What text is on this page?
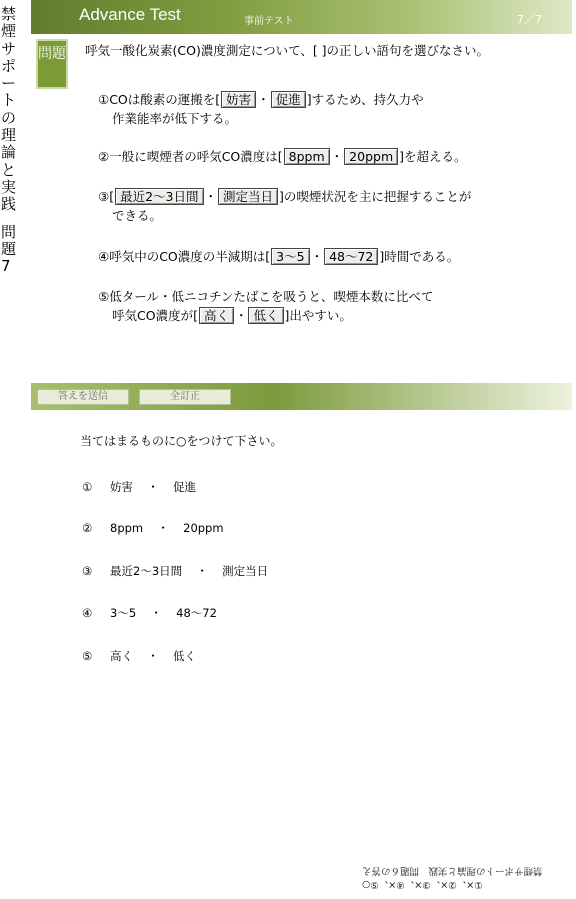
禁煙サポートの理論と実践
問題7
Advance Test	事前テスト	7／7
問題 呼気一酸化炭素(CO)濃度測定について、[ ]の正しい語句を選びなさい。
①COは酸素の運搬を[ 妨害 ・ 促進 ]するため、持久力や
作業能率が低下する。
②一般に喫煙者の呼気CO濃度は[ 8ppm ・ 20ppm ]を超える。
③[ 最近2～3日間 ・ 測定当日 ]の喫煙状況を主に把握することが
できる。
④呼気中のCO濃度の半減期は[ 3～5 ・ 48～72 ]時間である。
⑤低タール・低ニコチンたばこを吸うと、喫煙本数に比べて
呼気CO濃度が[ 高く ・ 低く ]出やすい。
答えを送信	全訂正
当てはまるものに○をつけて下さい。
① 妨害 ・ 促進
② 8ppm ・ 20ppm
③ 最近2～3日間 ・ 測定当日
④ 3～5 ・ 48～72
⑤ 高く ・ 低く
①×、②×、③×、④×、⑤○
禁煙サポートの理論と実践　問題６の答え
